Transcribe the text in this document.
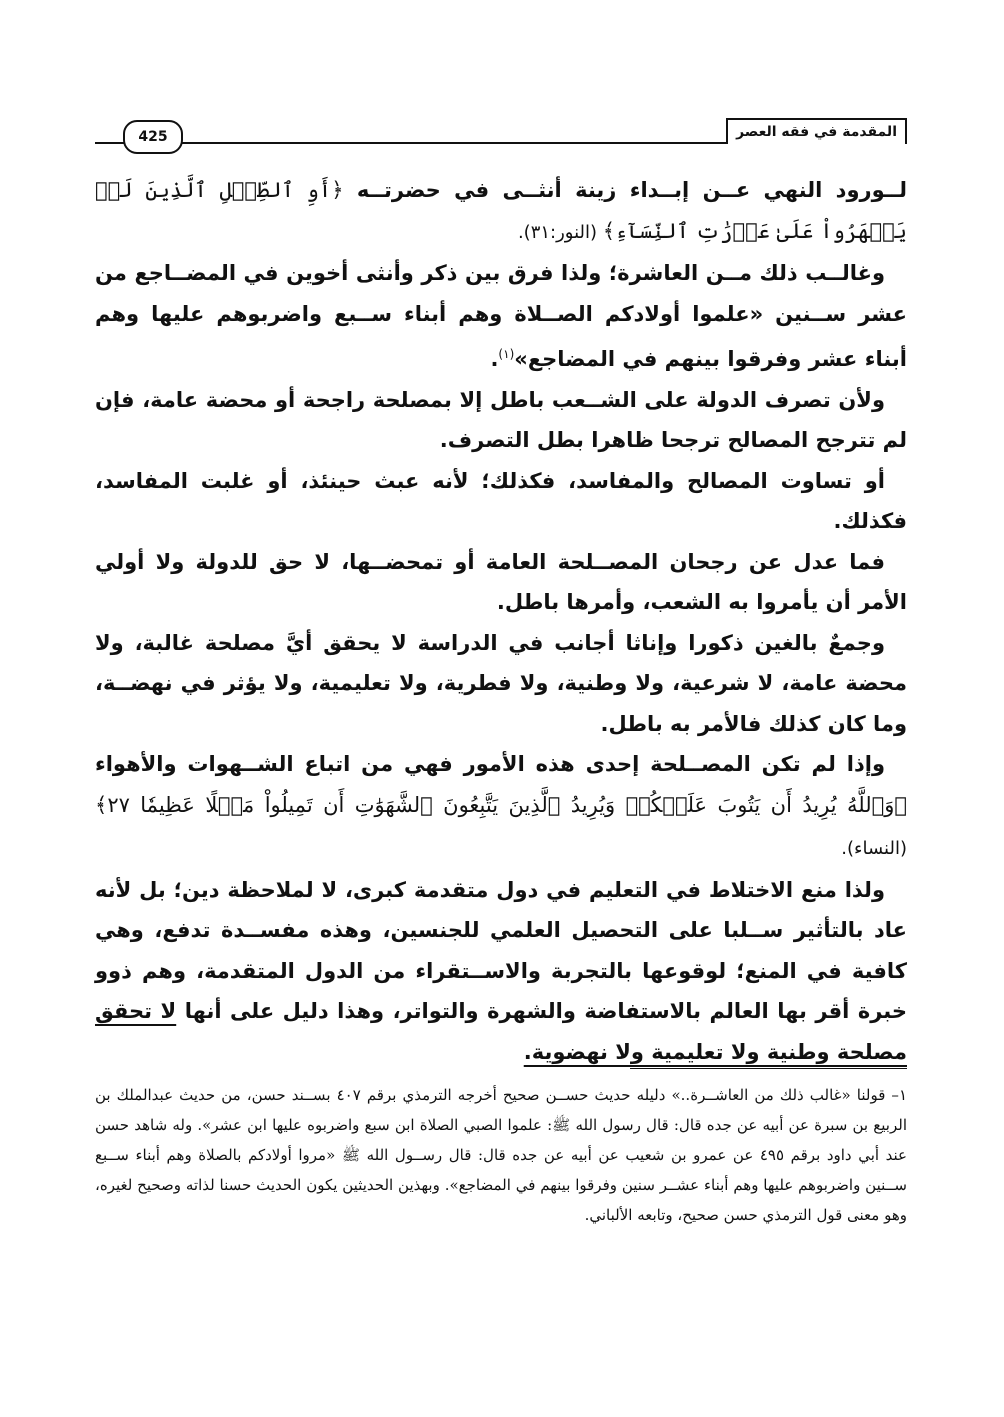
المقدمة في فقه العصر
425

لــورود النهي عــن إبــداء زينة أنثــى في حضرتــه ﴿أَوِ ٱلطِّفۡلِ ٱلَّذِينَ لَمۡ يَظۡهَرُواْ عَلَىٰ عَوۡرَٰتِ ٱلنِّسَآءِ﴾ (النور:٣١).

وغالــب ذلك مــن العاشرة؛ ولذا فرق بين ذكر وأنثى أخوين في المضــاجع من عشر ســنين «علموا أولادكم الصــلاة وهم أبناء ســبع واضربوهم عليها وهم أبناء عشر وفرقوا بينهم في المضاجع»$^{(١)}$.

ولأن تصرف الدولة على الشــعب باطل إلا بمصلحة راجحة أو محضة عامة، فإن لم تترجح المصالح ترجحا ظاهرا بطل التصرف.

أو تساوت المصالح والمفاسد، فكذلك؛ لأنه عبث حينئذ، أو غلبت المفاسد، فكذلك.

فما عدل عن رجحان المصــلحة العامة أو تمحضــها، لا حق للدولة ولا أولي الأمر أن يأمروا به الشعب، وأمرها باطل.

وجمعٌ بالغين ذكورا وإناثا أجانب في الدراسة لا يحقق أيَّ مصلحة غالبة، ولا محضة عامة، لا شرعية، ولا وطنية، ولا فطرية، ولا تعليمية، ولا يؤثر في نهضــة، وما كان كذلك فالأمر به باطل.

وإذا لم تكن المصــلحة إحدى هذه الأمور فهي من اتباع الشــهوات والأهواء ﴿وَٱللَّهُ يُرِيدُ أَن يَتُوبَ عَلَيۡكُمۡ وَيُرِيدُ ٱلَّذِينَ يَتَّبِعُونَ ٱلشَّهَوَٰتِ أَن تَمِيلُواْ مَيۡلًا عَظِيمٗا ٢٧﴾ (النساء).

ولذا منع الاختلاط في التعليم في دول متقدمة كبرى، لا لملاحظة دين؛ بل لأنه عاد بالتأثير ســلبا على التحصيل العلمي للجنسين، وهذه مفســدة تدفع، وهي كافية في المنع؛ لوقوعها بالتجربة والاســتقراء من الدول المتقدمة، وهم ذوو خبرة أقر بها العالم بالاستفاضة والشهرة والتواتر، وهذا دليل على أنها لا تحقق مصلحة وطنية ولا تعليمية ولا نهضوية.

١– قولنا «غالب ذلك من العاشــرة..» دليله حديث حســن صحيح أخرجه الترمذي برقم ٤٠٧ بســند حسن، من حديث عبدالملك بن الربيع بن سبرة عن أبيه عن جده قال: قال رسول الله ﷺ: علموا الصبي الصلاة ابن سبع واضربوه عليها ابن عشر». وله شاهد حسن عند أبي داود برقم ٤٩٥ عن عمرو بن شعيب عن أبيه عن جده قال: قال رســول الله ﷺ «مروا أولادكم بالصلاة وهم أبناء ســبع ســنين واضربوهم عليها وهم أبناء عشــر سنين وفرقوا بينهم في المضاجع». وبهذين الحديثين يكون الحديث حسنا لذاته وصحيح لغيره، وهو معنى قول الترمذي حسن صحيح، وتابعه الألباني.
